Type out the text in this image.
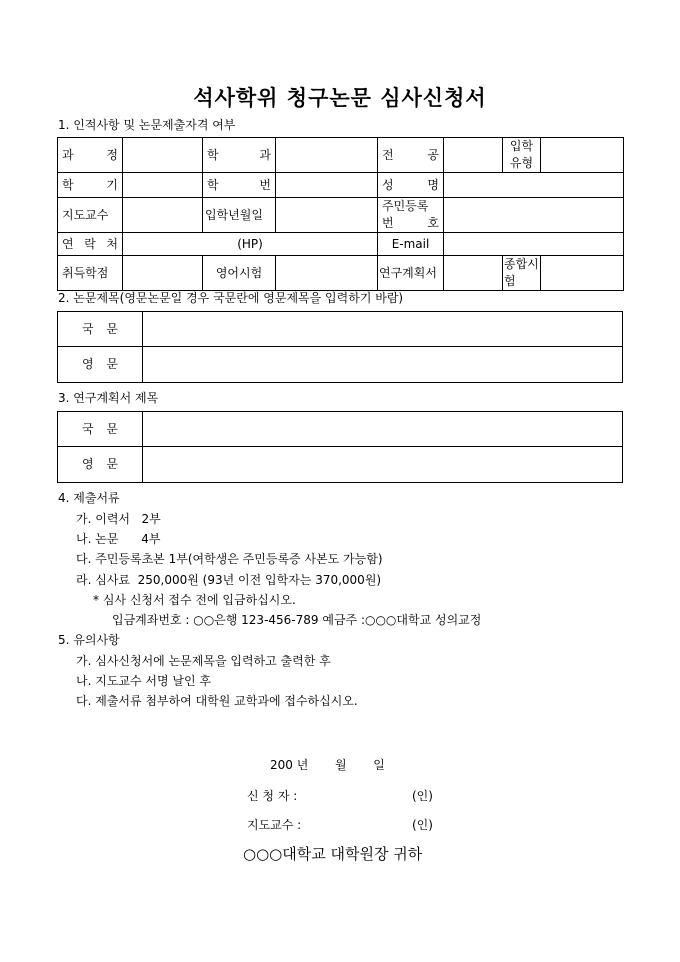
석사학위 청구논문 심사신청서
1. 인적사항 및 논문제출자격 여부
과 정		학 과		전 공		입학 유형	
학 기		학 번		성 명			
지도교수		입학년월일		주민등록 번 호			
연 락 처	(HP)			E-mail			
취득학점		영어시험		연구계획서		종합시험	
2. 논문제목(영문논문일 경우 국문란에 영문제목을 입력하기 바람)
국 문	
영 문	
3. 연구계획서 제목
국 문	
영 문	
4. 제출서류
가. 이력서   2부
나. 논문      4부
다. 주민등록초본 1부(여학생은 주민등록증 사본도 가능함)
라. 심사료  250,000원 (93년 이전 입학자는 370,000원)
* 심사 신청서 접수 전에 입금하십시오.
입금계좌번호 : ○○은행 123-456-789 예금주 :○○○대학교 성의교정
5. 유의사항
가. 심사신청서에 논문제목을 입력하고 출력한 후
나. 지도교수 서명 날인 후
다. 제출서류 첨부하여 대학원 교학과에 접수하십시오.
200 년       월       일
신 청 자 :	(인)
지도교수 :	(인)
○○○대학교 대학원장 귀하
